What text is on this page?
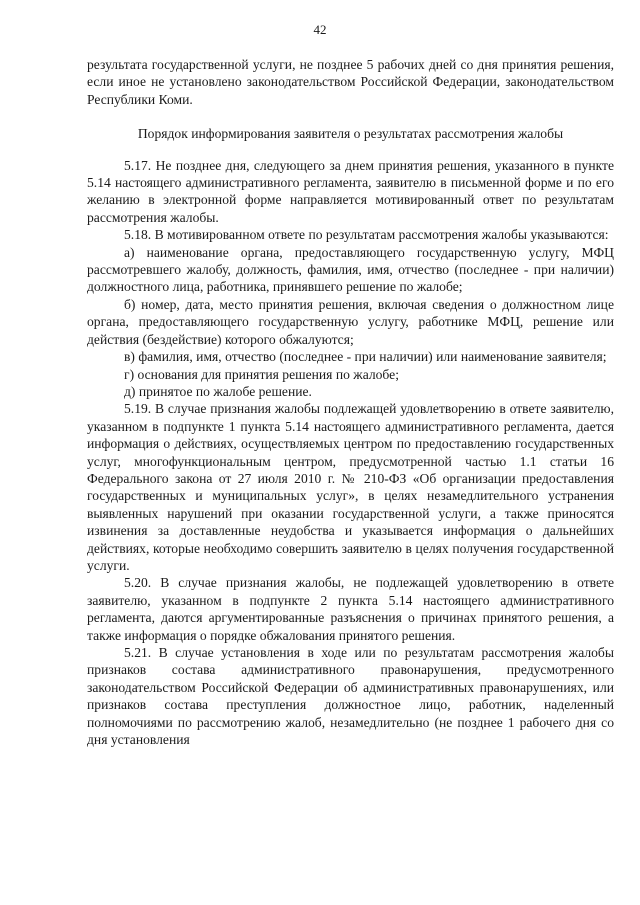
42

результата государственной услуги, не позднее 5 рабочих дней со дня принятия решения, если иное не установлено законодательством Российской Федерации, законодательством Республики Коми.

Порядок информирования заявителя о результатах рассмотрения жалобы

5.17. Не позднее дня, следующего за днем принятия решения, указанного в пункте 5.14 настоящего административного регламента, заявителю в письменной форме и по его желанию в электронной форме направляется мотивированный ответ по результатам рассмотрения жалобы.

5.18. В мотивированном ответе по результатам рассмотрения жалобы указываются:

а) наименование органа, предоставляющего государственную услугу, МФЦ рассмотревшего жалобу, должность, фамилия, имя, отчество (последнее - при наличии) должностного лица, работника, принявшего решение по жалобе;

б) номер, дата, место принятия решения, включая сведения о должностном лице органа, предоставляющего государственную услугу, работнике МФЦ, решение или действия (бездействие) которого обжалуются;

в) фамилия, имя, отчество (последнее - при наличии) или наименование заявителя;

г) основания для принятия решения по жалобе;

д) принятое по жалобе решение.

5.19. В случае признания жалобы подлежащей удовлетворению в ответе заявителю, указанном в подпункте 1 пункта 5.14 настоящего административного регламента, дается информация о действиях, осуществляемых центром по предоставлению государственных услуг, многофункциональным центром, предусмотренной частью 1.1 статьи 16 Федерального закона от 27 июля 2010 г. № 210-ФЗ «Об организации предоставления государственных и муниципальных услуг», в целях незамедлительного устранения выявленных нарушений при оказании государственной услуги, а также приносятся извинения за доставленные неудобства и указывается информация о дальнейших действиях, которые необходимо совершить заявителю в целях получения государственной услуги.

5.20. В случае признания жалобы, не подлежащей удовлетворению в ответе заявителю, указанном в подпункте 2 пункта 5.14 настоящего административного регламента, даются аргументированные разъяснения о причинах принятого решения, а также информация о порядке обжалования принятого решения.

5.21. В случае установления в ходе или по результатам рассмотрения жалобы признаков состава административного правонарушения, предусмотренного законодательством Российской Федерации об административных правонарушениях, или признаков состава преступления должностное лицо, работник, наделенный полномочиями по рассмотрению жалоб, незамедлительно (не позднее 1 рабочего дня со дня установления
